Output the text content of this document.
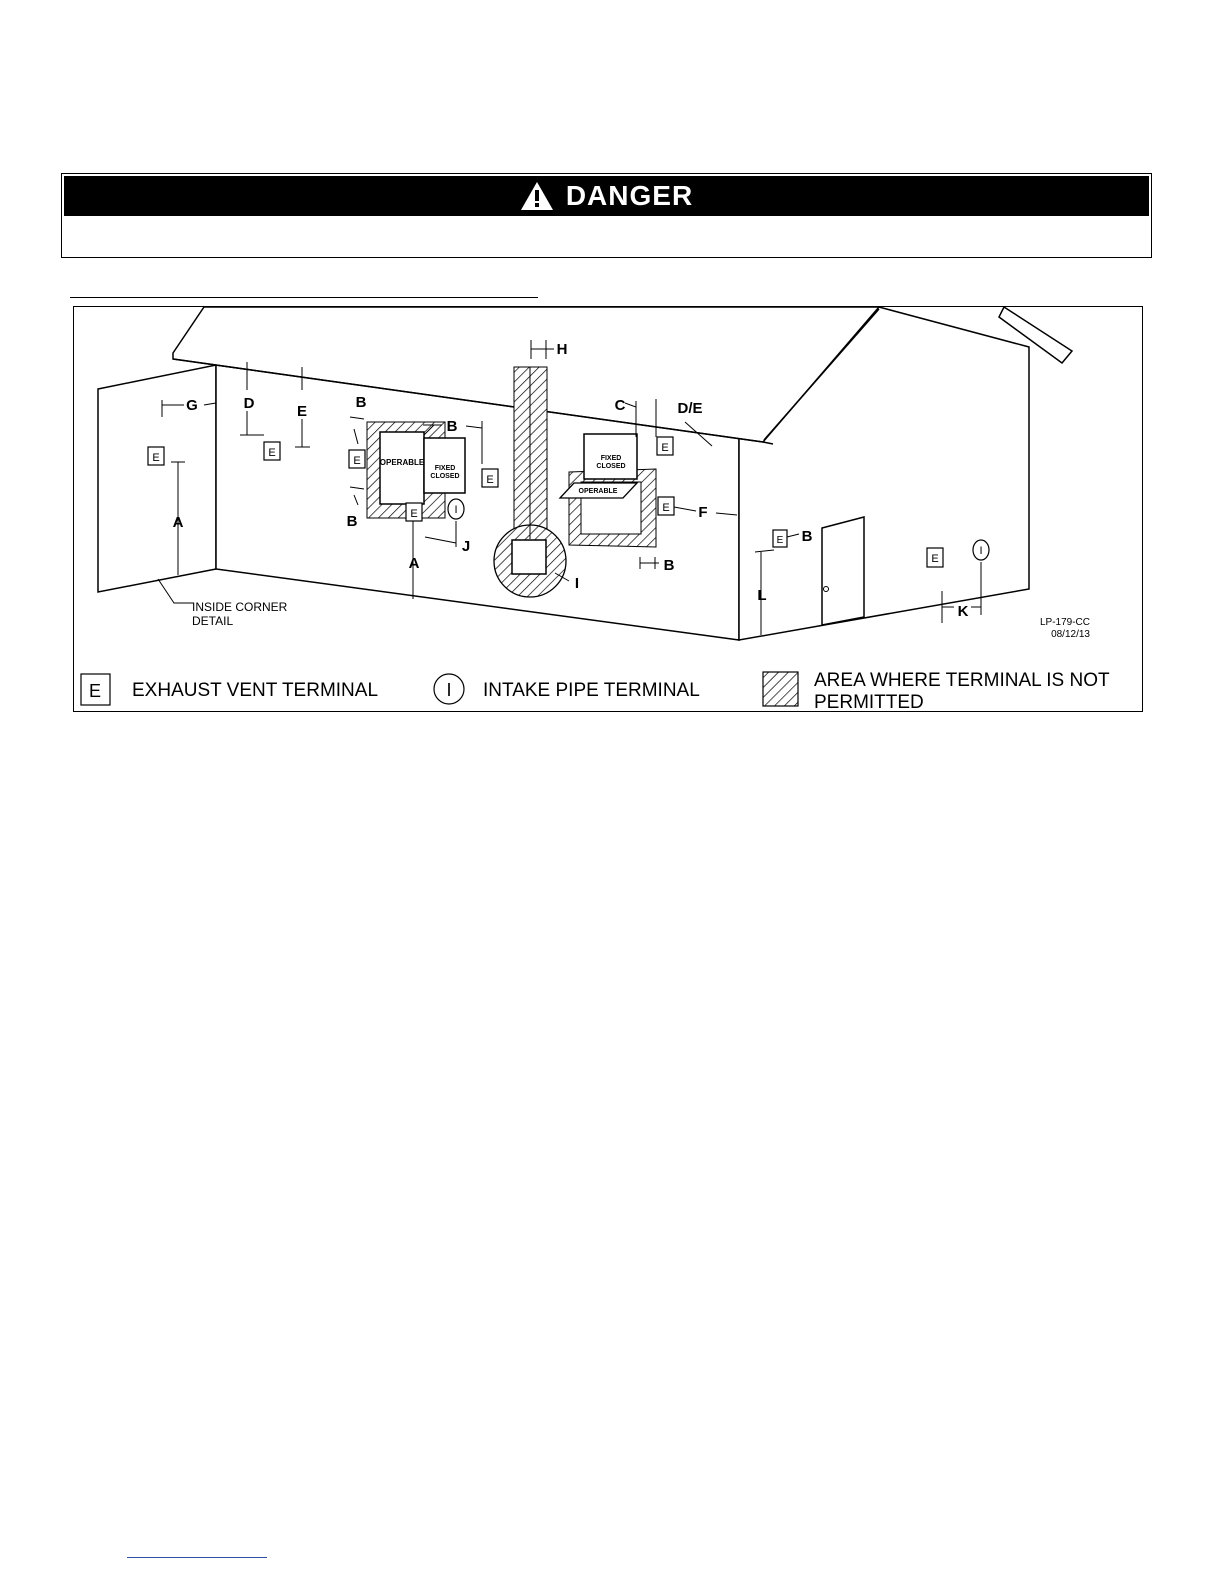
DANGER
OPERABLE
FIXED
CLOSED
FIXED
CLOSED
OPERABLE
E	E
E
E
E
E
E
E
E
I
I
A
G	D	E
B
B
B
A
J
H
I
C	D/E
F
B
B
L
K
INSIDE CORNER
DETAIL	LP-179-CC
08/12/13
E EXHAUST VENT TERMINAL	I INTAKE PIPE TERMINAL	AREA WHERE TERMINAL IS NOT
PERMITTED
